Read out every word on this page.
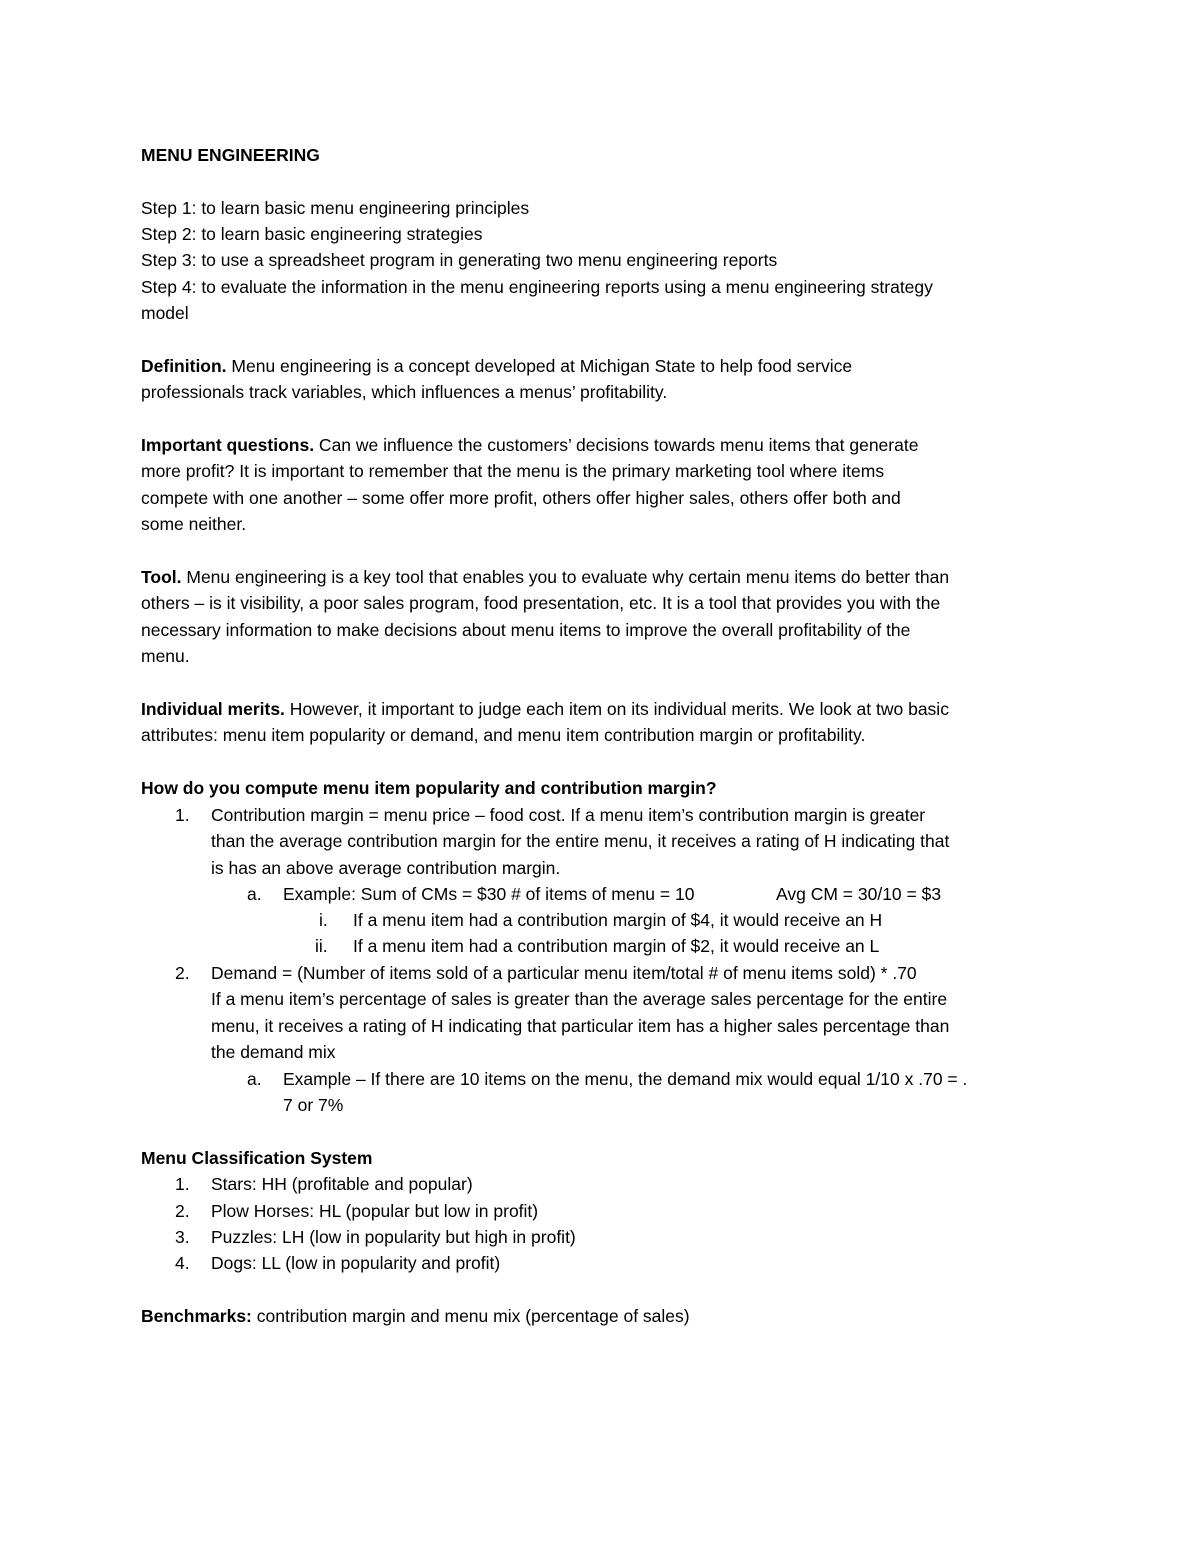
MENU ENGINEERING
Step 1: to learn basic menu engineering principles
Step 2: to learn basic engineering strategies
Step 3: to use a spreadsheet program in generating two menu engineering reports
Step 4: to evaluate the information in the menu engineering reports using a menu engineering strategy
model
Definition. Menu engineering is a concept developed at Michigan State to help food service
professionals track variables, which influences a menus’ profitability.
Important questions. Can we influence the customers’ decisions towards menu items that generate
more profit? It is important to remember that the menu is the primary marketing tool where items
compete with one another – some offer more profit, others offer higher sales, others offer both and
some neither.
Tool. Menu engineering is a key tool that enables you to evaluate why certain menu items do better than
others – is it visibility, a poor sales program, food presentation, etc. It is a tool that provides you with the
necessary information to make decisions about menu items to improve the overall profitability of the
menu.
Individual merits. However, it important to judge each item on its individual merits. We look at two basic
attributes: menu item popularity or demand, and menu item contribution margin or profitability.
How do you compute menu item popularity and contribution margin?
1. Contribution margin = menu price – food cost. If a menu item’s contribution margin is greater
than the average contribution margin for the entire menu, it receives a rating of H indicating that
is has an above average contribution margin.
a. Example: Sum of CMs = $30 # of items of menu = 10	Avg CM = 30/10 = $3
i. If a menu item had a contribution margin of $4, it would receive an H
ii. If a menu item had a contribution margin of $2, it would receive an L
2. Demand = (Number of items sold of a particular menu item/total # of menu items sold) * .70
If a menu item’s percentage of sales is greater than the average sales percentage for the entire
menu, it receives a rating of H indicating that particular item has a higher sales percentage than
the demand mix
a. Example – If there are 10 items on the menu, the demand mix would equal 1/10 x .70 = .
7 or 7%
Menu Classification System
1. Stars: HH (profitable and popular)
2. Plow Horses: HL (popular but low in profit)
3. Puzzles: LH (low in popularity but high in profit)
4. Dogs: LL (low in popularity and profit)
Benchmarks: contribution margin and menu mix (percentage of sales)
